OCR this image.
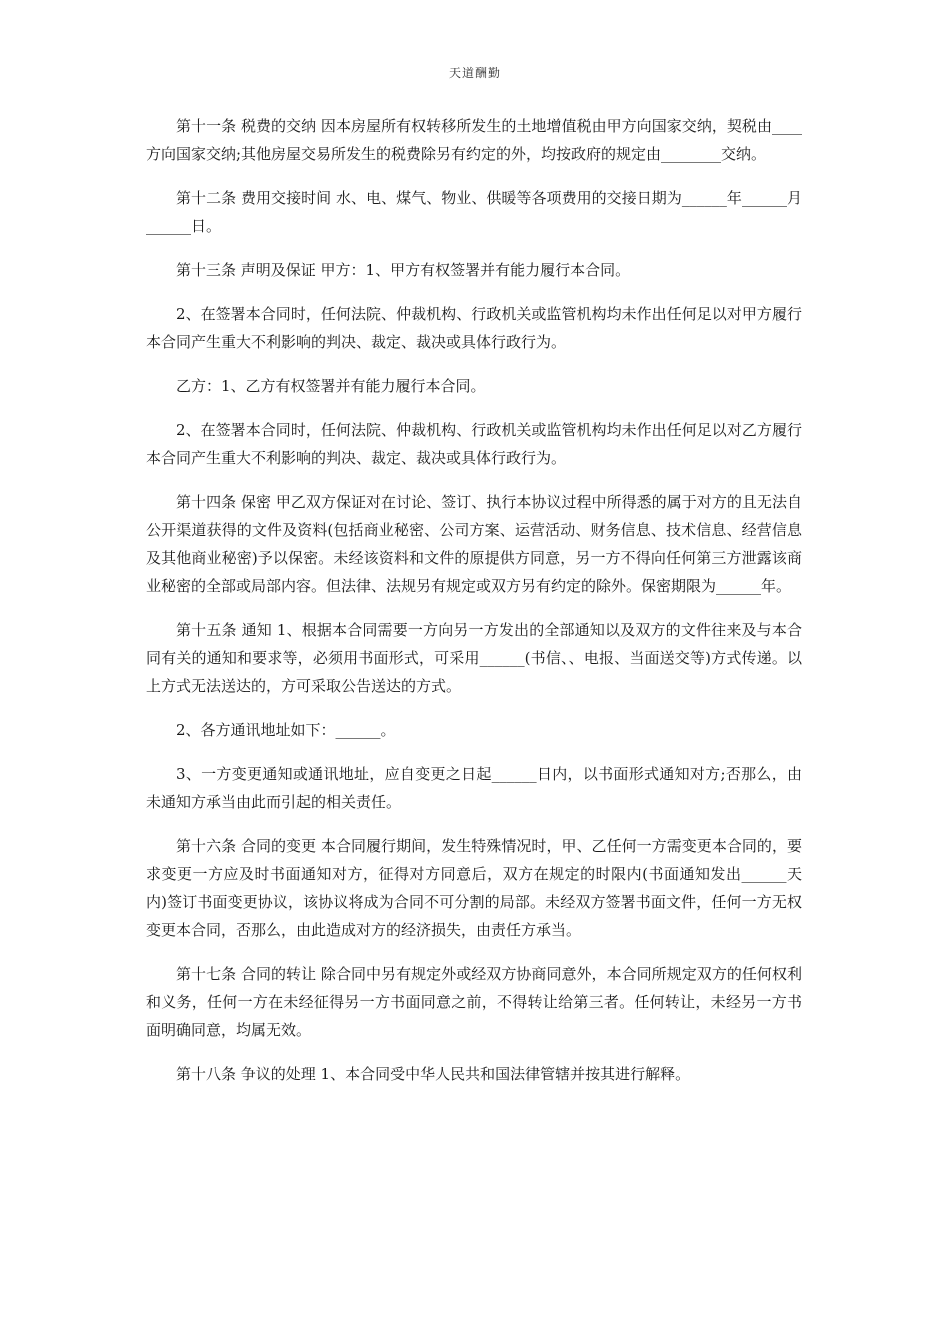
天道酬勤

第十一条 税费的交纳 因本房屋所有权转移所发生的土地增值税由甲方向国家交纳，契税由____方向国家交纳;其他房屋交易所发生的税费除另有约定的外，均按政府的规定由________交纳。

第十二条 费用交接时间 水、电、煤气、物业、供暖等各项费用的交接日期为______年______月______日。

第十三条 声明及保证 甲方：1、甲方有权签署并有能力履行本合同。

2、在签署本合同时，任何法院、仲裁机构、行政机关或监管机构均未作出任何足以对甲方履行本合同产生重大不利影响的判决、裁定、裁决或具体行政行为。

乙方：1、乙方有权签署并有能力履行本合同。

2、在签署本合同时，任何法院、仲裁机构、行政机关或监管机构均未作出任何足以对乙方履行本合同产生重大不利影响的判决、裁定、裁决或具体行政行为。

第十四条 保密 甲乙双方保证对在讨论、签订、执行本协议过程中所得悉的属于对方的且无法自公开渠道获得的文件及资料(包括商业秘密、公司方案、运营活动、财务信息、技术信息、经营信息及其他商业秘密)予以保密。未经该资料和文件的原提供方同意，另一方不得向任何第三方泄露该商业秘密的全部或局部内容。但法律、法规另有规定或双方另有约定的除外。保密期限为______年。

第十五条 通知 1、根据本合同需要一方向另一方发出的全部通知以及双方的文件往来及与本合同有关的通知和要求等，必须用书面形式，可采用______(书信、、电报、当面送交等)方式传递。以上方式无法送达的，方可采取公告送达的方式。

2、各方通讯地址如下：______。

3、一方变更通知或通讯地址，应自变更之日起______日内，以书面形式通知对方;否那么，由未通知方承当由此而引起的相关责任。

第十六条 合同的变更 本合同履行期间，发生特殊情况时，甲、乙任何一方需变更本合同的，要求变更一方应及时书面通知对方，征得对方同意后，双方在规定的时限内(书面通知发出______天内)签订书面变更协议，该协议将成为合同不可分割的局部。未经双方签署书面文件，任何一方无权变更本合同，否那么，由此造成对方的经济损失，由责任方承当。

第十七条 合同的转让 除合同中另有规定外或经双方协商同意外，本合同所规定双方的任何权利和义务，任何一方在未经征得另一方书面同意之前，不得转让给第三者。任何转让，未经另一方书面明确同意，均属无效。

第十八条 争议的处理 1、本合同受中华人民共和国法律管辖并按其进行解释。
